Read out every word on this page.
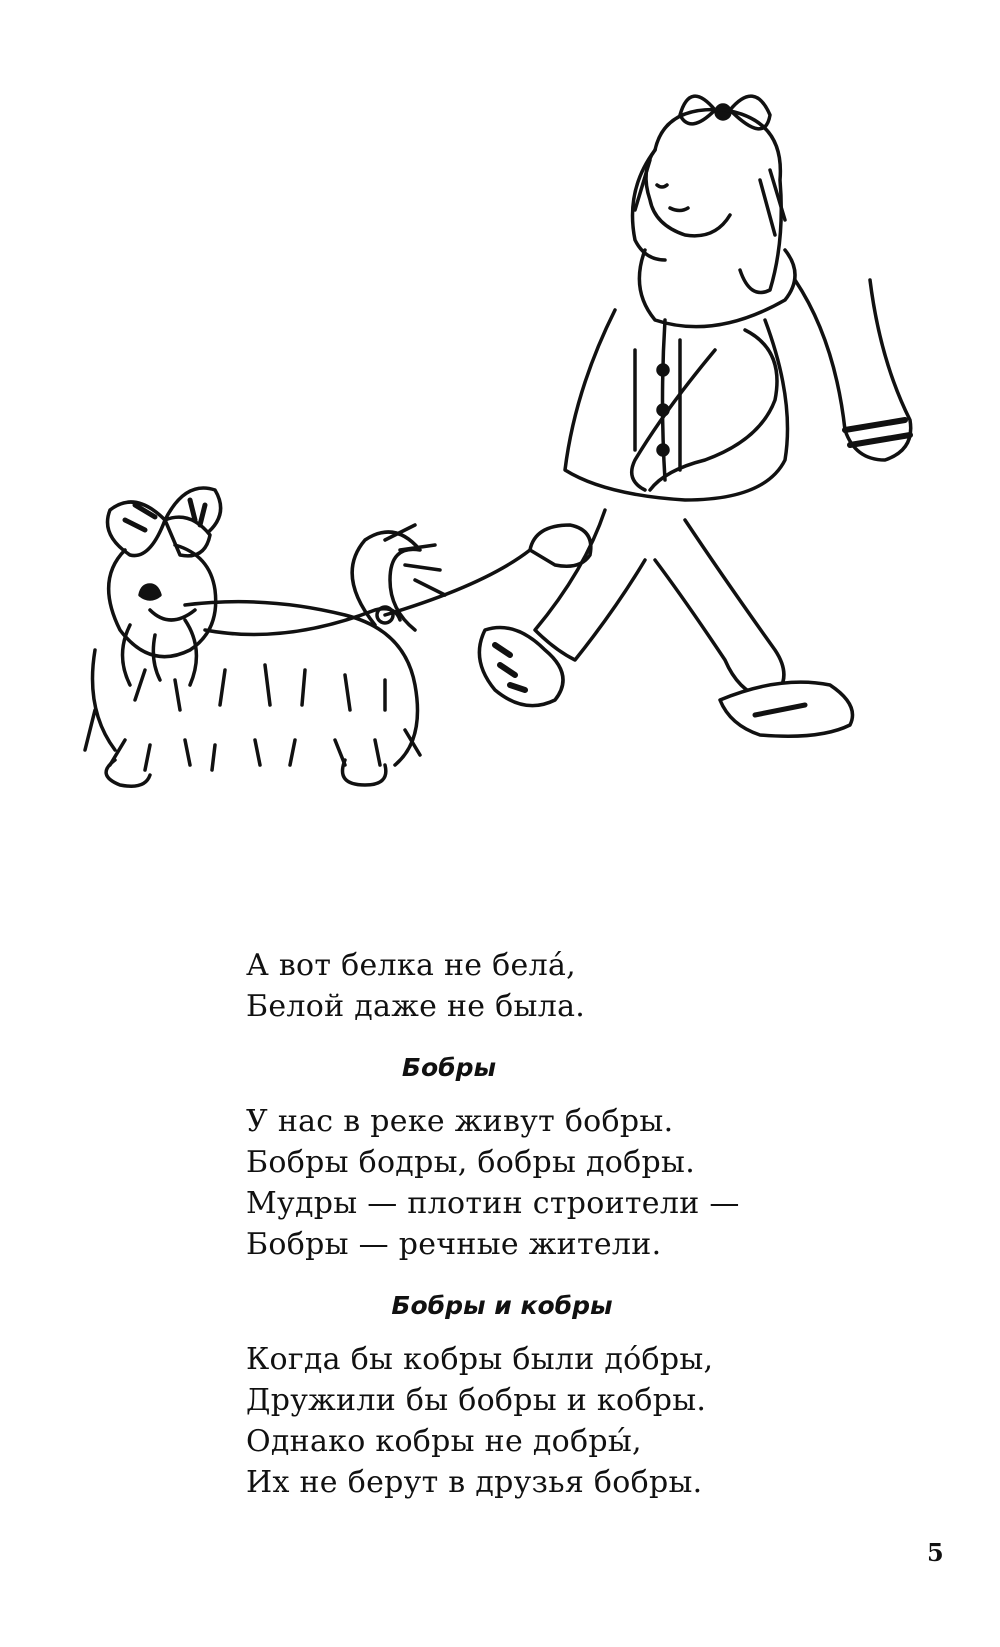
А вот белка не белá,

Белой даже не была.

Бобры

У нас в реке живут бобры.

Бобры бодры, бобры добры.

Мудры — плотин строители —

Бобры — речные жители.

Бобры и кобры

Когда бы кобры были дóбры,

Дружили бы бобры и кобры.

Однако кобры не добры́,

Их не берут в друзья бобры.

5
